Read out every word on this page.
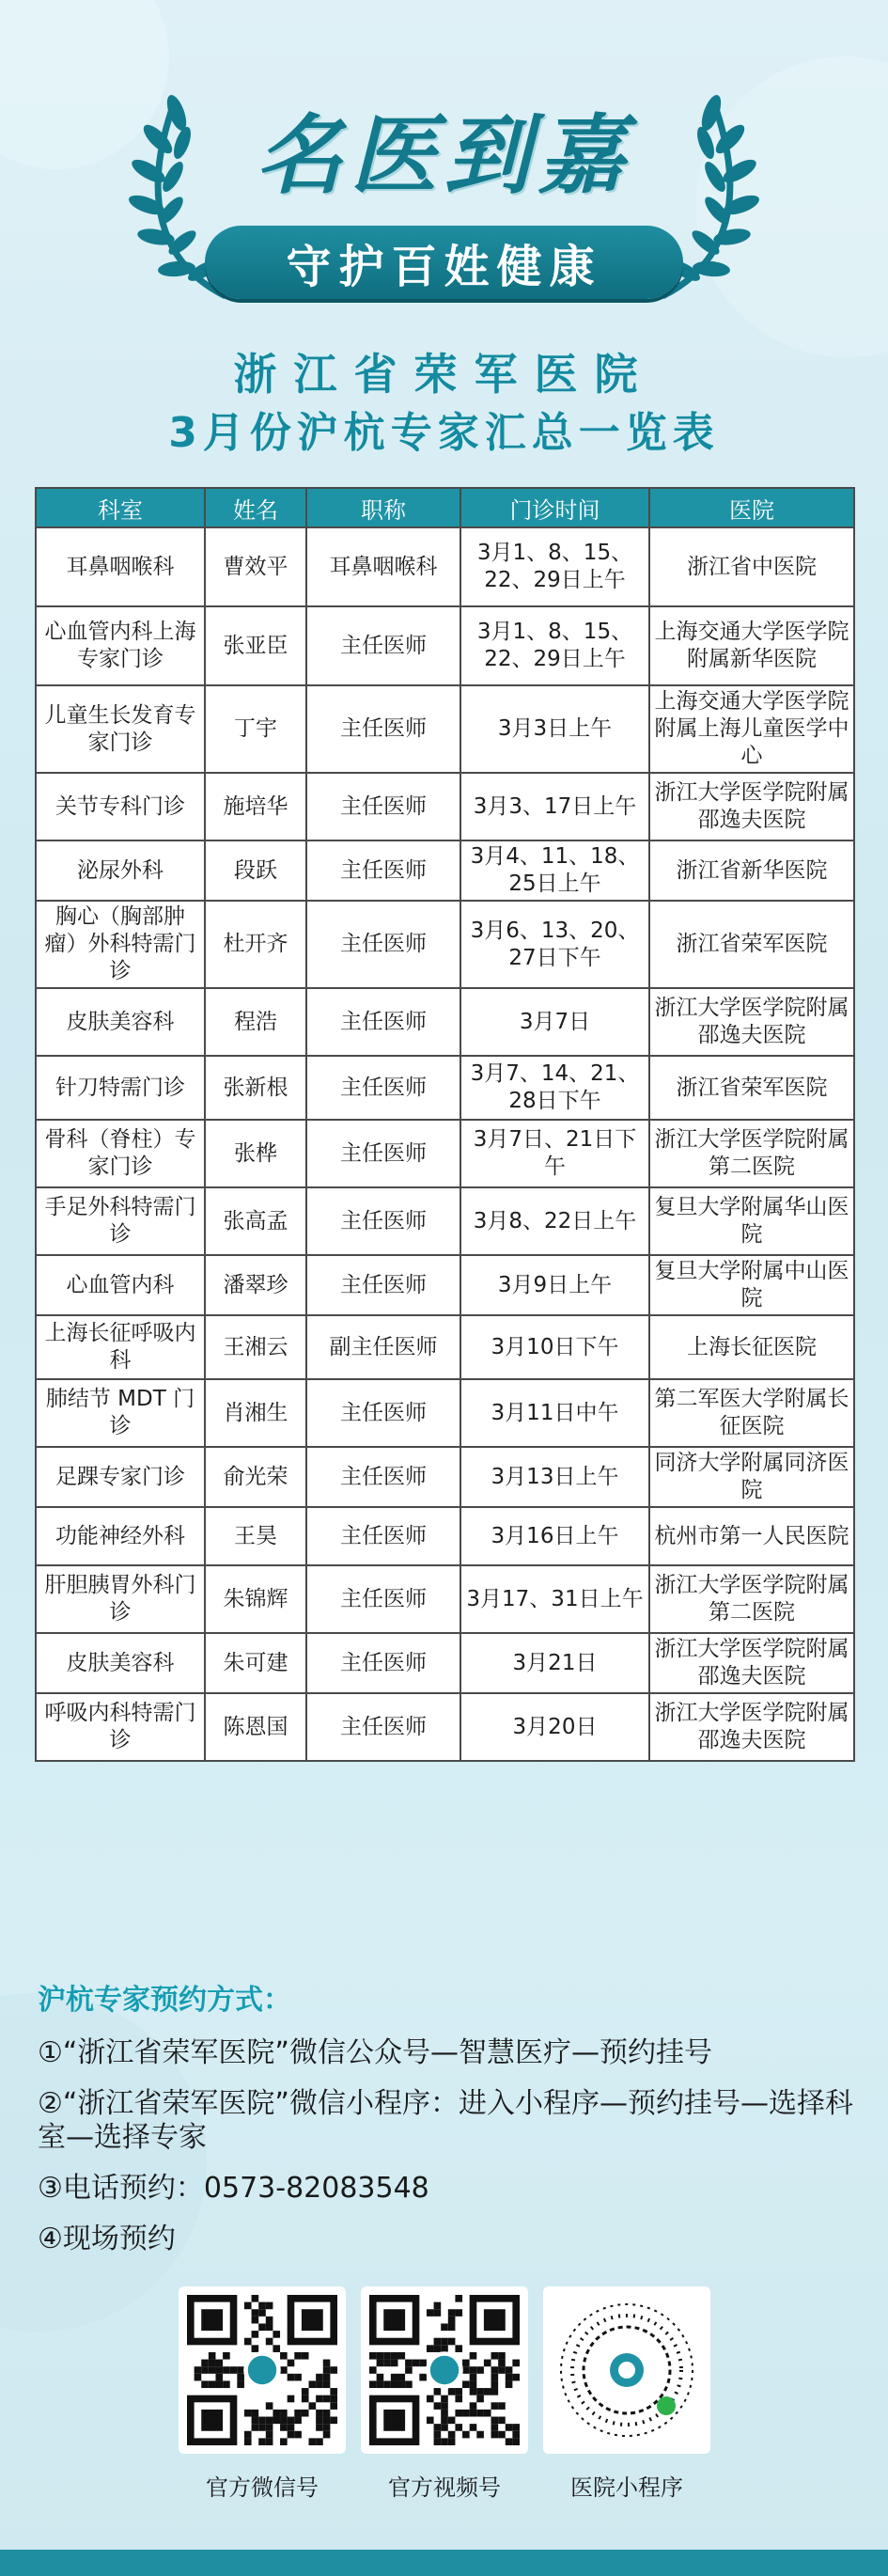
名医到嘉
守护百姓健康
浙江省荣军医院
3月份沪杭专家汇总一览表
科室	姓名	职称	门诊时间	医院
耳鼻咽喉科	曹效平	耳鼻咽喉科	3月1、8、15、22、29日上午	浙江省中医院
心血管内科上海专家门诊	张亚臣	主任医师	3月1、8、15、22、29日上午	上海交通大学医学院附属新华医院
儿童生长发育专家门诊	丁宇	主任医师	3月3日上午	上海交通大学医学院附属上海儿童医学中心
关节专科门诊	施培华	主任医师	3月3、17日上午	浙江大学医学院附属邵逸夫医院
泌尿外科	段跃	主任医师	3月4、11、18、25日上午	浙江省新华医院
胸心（胸部肿瘤）外科特需门诊	杜开齐	主任医师	3月6、13、20、27日下午	浙江省荣军医院
皮肤美容科	程浩	主任医师	3月7日	浙江大学医学院附属邵逸夫医院
针刀特需门诊	张新根	主任医师	3月7、14、21、28日下午	浙江省荣军医院
骨科（脊柱）专家门诊	张桦	主任医师	3月7日、21日下午	浙江大学医学院附属第二医院
手足外科特需门诊	张高孟	主任医师	3月8、22日上午	复旦大学附属华山医院
心血管内科	潘翠珍	主任医师	3月9日上午	复旦大学附属中山医院
上海长征呼吸内科	王湘云	副主任医师	3月10日下午	上海长征医院
肺结节 MDT 门诊	肖湘生	主任医师	3月11日中午	第二军医大学附属长征医院
足踝专家门诊	俞光荣	主任医师	3月13日上午	同济大学附属同济医院
功能神经外科	王昊	主任医师	3月16日上午	杭州市第一人民医院
肝胆胰胃外科门诊	朱锦辉	主任医师	3月17、31日上午	浙江大学医学院附属第二医院
皮肤美容科	朱可建	主任医师	3月21日	浙江大学医学院附属邵逸夫医院
呼吸内科特需门诊	陈恩国	主任医师	3月20日	浙江大学医学院附属邵逸夫医院
沪杭专家预约方式：
①“浙江省荣军医院”微信公众号—智慧医疗—预约挂号
②“浙江省荣军医院”微信小程序：进入小程序—预约挂号—选择科室—选择专家
③电话预约：0573-82083548
④现场预约
官方微信号	官方视频号	医院小程序
